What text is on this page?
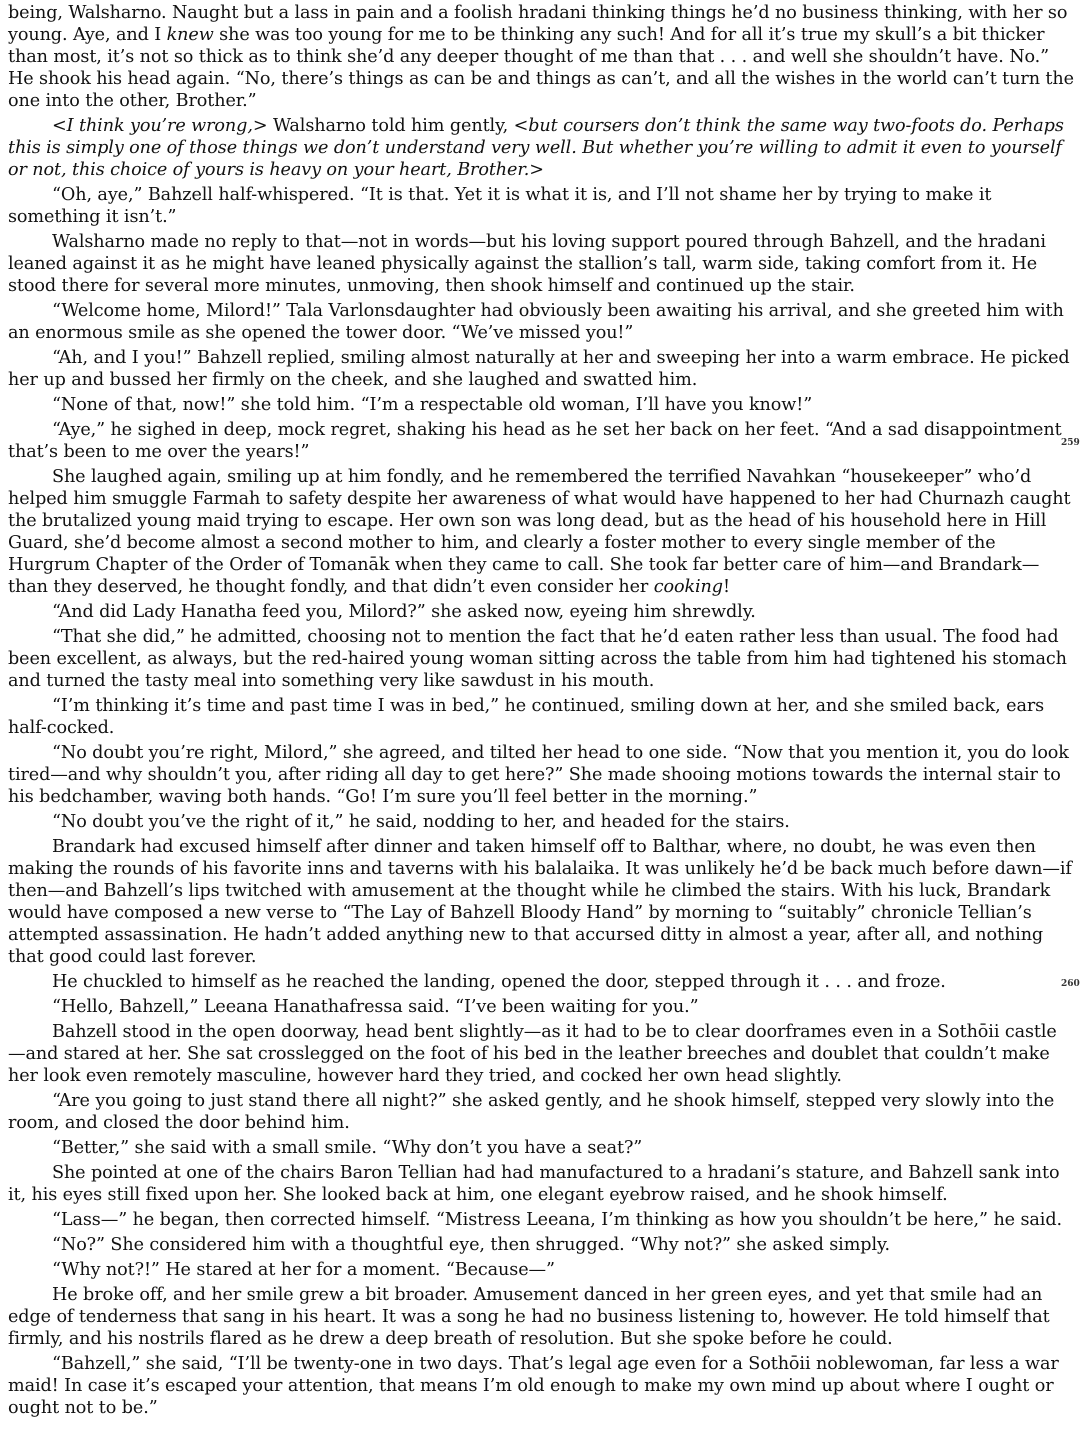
being, Walsharno. Naught but a lass in pain and a foolish hradani thinking things he’d no business thinking, with her so young. Aye, and I knew she was too young for me to be thinking any such! And for all it’s true my skull’s a bit thicker than most, it’s not so thick as to think she’d any deeper thought of me than that . . . and well she shouldn’t have. No.” He shook his head again. “No, there’s things as can be and things as can’t, and all the wishes in the world can’t turn the one into the other, Brother.”

<I think you’re wrong,> Walsharno told him gently, <but coursers don’t think the same way two-foots do. Perhaps this is simply one of those things we don’t understand very well. But whether you’re willing to admit it even to yourself or not, this choice of yours is heavy on your heart, Brother.>

“Oh, aye,” Bahzell half-whispered. “It is that. Yet it is what it is, and I’ll not shame her by trying to make it something it isn’t.”

Walsharno made no reply to that—not in words—but his loving support poured through Bahzell, and the hradani leaned against it as he might have leaned physically against the stallion’s tall, warm side, taking comfort from it. He stood there for several more minutes, unmoving, then shook himself and continued up the stair.

“Welcome home, Milord!” Tala Varlonsdaughter had obviously been awaiting his arrival, and she greeted him with an enormous smile as she opened the tower door. “We’ve missed you!”

“Ah, and I you!” Bahzell replied, smiling almost naturally at her and sweeping her into a warm embrace. He picked her up and bussed her firmly on the cheek, and she laughed and swatted him.

“None of that, now!” she told him. “I’m a respectable old woman, I’ll have you know!”

“Aye,” he sighed in deep, mock regret, shaking his head as he set her back on her feet. “And a sad disappointment that’s been to me over the years!”

She laughed again, smiling up at him fondly, and he remembered the terrified Navahkan “housekeeper” who’d helped him smuggle Farmah to safety despite her awareness of what would have happened to her had Churnazh caught the brutalized young maid trying to escape. Her own son was long dead, but as the head of his household here in Hill Guard, she’d become almost a second mother to him, and clearly a foster mother to every single member of the Hurgrum Chapter of the Order of Tomanāk when they came to call. She took far better care of him—and Brandark—than they deserved, he thought fondly, and that didn’t even consider her cooking!

“And did Lady Hanatha feed you, Milord?” she asked now, eyeing him shrewdly.

“That she did,” he admitted, choosing not to mention the fact that he’d eaten rather less than usual. The food had been excellent, as always, but the red-haired young woman sitting across the table from him had tightened his stomach and turned the tasty meal into something very like sawdust in his mouth.

“I’m thinking it’s time and past time I was in bed,” he continued, smiling down at her, and she smiled back, ears half-cocked.

“No doubt you’re right, Milord,” she agreed, and tilted her head to one side. “Now that you mention it, you do look tired—and why shouldn’t you, after riding all day to get here?” She made shooing motions towards the internal stair to his bedchamber, waving both hands. “Go! I’m sure you’ll feel better in the morning.”

“No doubt you’ve the right of it,” he said, nodding to her, and headed for the stairs.

Brandark had excused himself after dinner and taken himself off to Balthar, where, no doubt, he was even then making the rounds of his favorite inns and taverns with his balalaika. It was unlikely he’d be back much before dawn—if then—and Bahzell’s lips twitched with amusement at the thought while he climbed the stairs. With his luck, Brandark would have composed a new verse to “The Lay of Bahzell Bloody Hand” by morning to “suitably” chronicle Tellian’s attempted assassination. He hadn’t added anything new to that accursed ditty in almost a year, after all, and nothing that good could last forever.

He chuckled to himself as he reached the landing, opened the door, stepped through it . . . and froze.

“Hello, Bahzell,” Leeana Hanathafressa said. “I’ve been waiting for you.”

Bahzell stood in the open doorway, head bent slightly—as it had to be to clear doorframes even in a Sothōii castle—and stared at her. She sat crosslegged on the foot of his bed in the leather breeches and doublet that couldn’t make her look even remotely masculine, however hard they tried, and cocked her own head slightly.

“Are you going to just stand there all night?” she asked gently, and he shook himself, stepped very slowly into the room, and closed the door behind him.

“Better,” she said with a small smile. “Why don’t you have a seat?”

She pointed at one of the chairs Baron Tellian had had manufactured to a hradani’s stature, and Bahzell sank into it, his eyes still fixed upon her. She looked back at him, one elegant eyebrow raised, and he shook himself.

“Lass—” he began, then corrected himself. “Mistress Leeana, I’m thinking as how you shouldn’t be here,” he said.

“No?” She considered him with a thoughtful eye, then shrugged. “Why not?” she asked simply.

“Why not?!” He stared at her for a moment. “Because—”

He broke off, and her smile grew a bit broader. Amusement danced in her green eyes, and yet that smile had an edge of tenderness that sang in his heart. It was a song he had no business listening to, however. He told himself that firmly, and his nostrils flared as he drew a deep breath of resolution. But she spoke before he could.

“Bahzell,” she said, “I’ll be twenty-one in two days. That’s legal age even for a Sothōii noblewoman, far less a war maid! In case it’s escaped your attention, that means I’m old enough to make my own mind up about where I ought or ought not to be.”

259
260
